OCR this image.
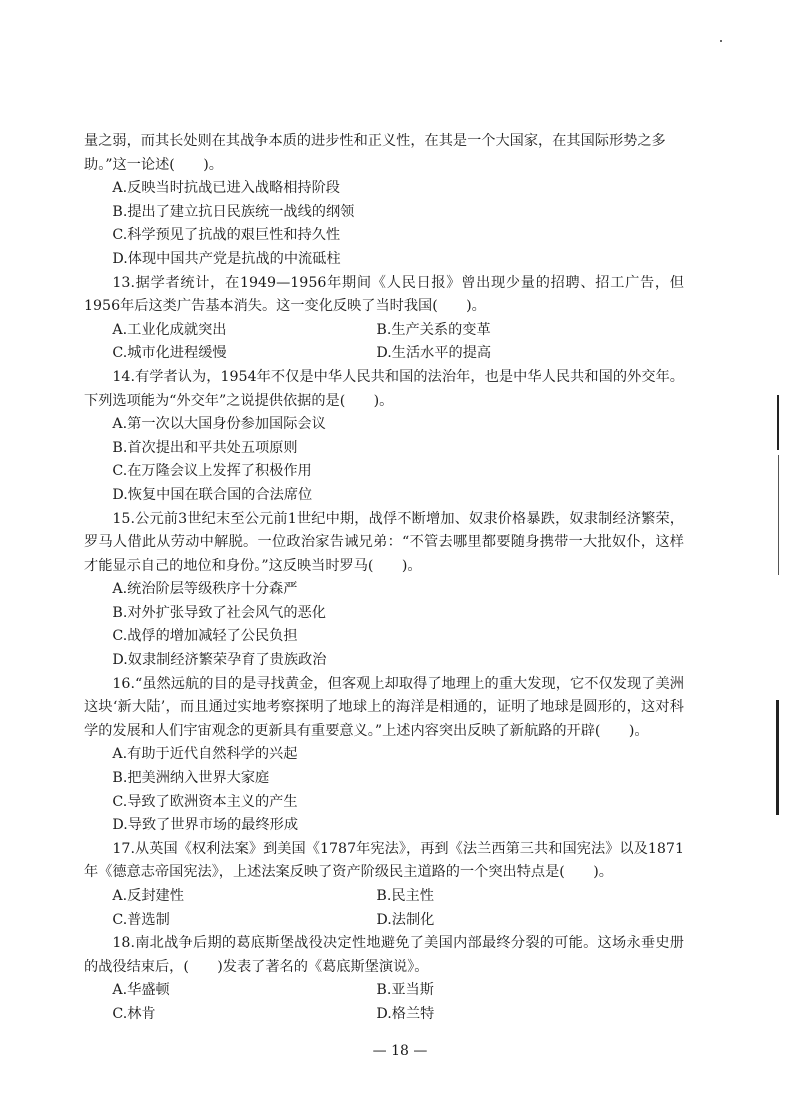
量之弱，而其长处则在其战争本质的进步性和正义性，在其是一个大国家，在其国际形势之多

助。”这一论述(　　)。

A.反映当时抗战已进入战略相持阶段

B.提出了建立抗日民族统一战线的纲领

C.科学预见了抗战的艰巨性和持久性

D.体现中国共产党是抗战的中流砥柱

13.据学者统计，在1949—1956年期间《人民日报》曾出现少量的招聘、招工广告，但1956年后这类广告基本消失。这一变化反映了当时我国(　　)。

A.工业化成就突出	B.生产关系的变革
C.城市化进程缓慢	D.生活水平的提高

14.有学者认为，1954年不仅是中华人民共和国的法治年，也是中华人民共和国的外交年。下列选项能为“外交年”之说提供依据的是(　　)。

A.第一次以大国身份参加国际会议

B.首次提出和平共处五项原则

C.在万隆会议上发挥了积极作用

D.恢复中国在联合国的合法席位

15.公元前3世纪末至公元前1世纪中期，战俘不断增加、奴隶价格暴跌，奴隶制经济繁荣，罗马人借此从劳动中解脱。一位政治家告诫兄弟：“不管去哪里都要随身携带一大批奴仆，这样才能显示自己的地位和身份。”这反映当时罗马(　　)。

A.统治阶层等级秩序十分森严

B.对外扩张导致了社会风气的恶化

C.战俘的增加减轻了公民负担

D.奴隶制经济繁荣孕育了贵族政治

16.“虽然远航的目的是寻找黄金，但客观上却取得了地理上的重大发现，它不仅发现了美洲这块‘新大陆’，而且通过实地考察探明了地球上的海洋是相通的，证明了地球是圆形的，这对科学的发展和人们宇宙观念的更新具有重要意义。”上述内容突出反映了新航路的开辟(　　)。

A.有助于近代自然科学的兴起

B.把美洲纳入世界大家庭

C.导致了欧洲资本主义的产生

D.导致了世界市场的最终形成

17.从英国《权利法案》到美国《1787年宪法》，再到《法兰西第三共和国宪法》以及1871年《德意志帝国宪法》，上述法案反映了资产阶级民主道路的一个突出特点是(　　)。

A.反封建性	B.民主性
C.普选制	D.法制化

18.南北战争后期的葛底斯堡战役决定性地避免了美国内部最终分裂的可能。这场永垂史册的战役结束后，(　　)发表了著名的《葛底斯堡演说》。

A.华盛顿	B.亚当斯
C.林肯	D.格兰特
— 18 —
